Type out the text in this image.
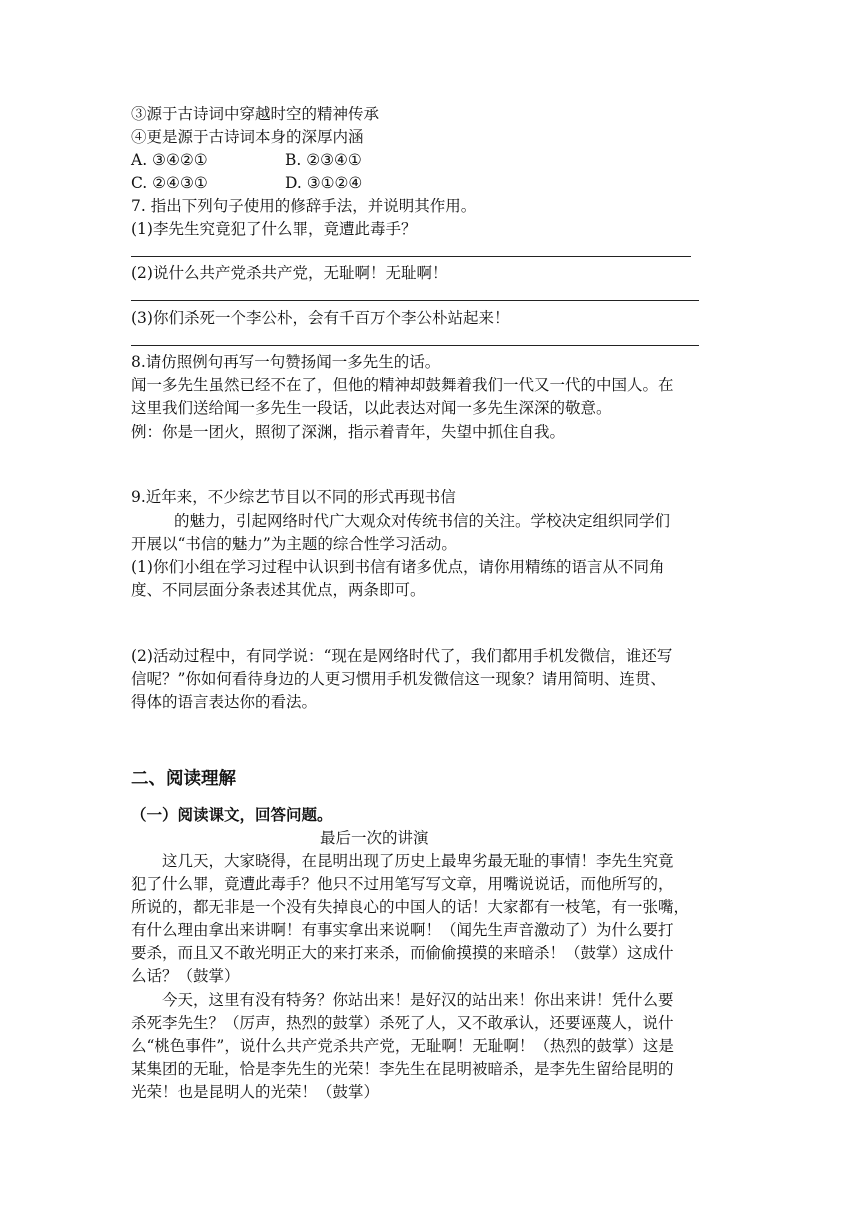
③源于古诗词中穿越时空的精神传承
④更是源于古诗词本身的深厚内涵
A. ③④②①	B. ②③④①
C. ②④③①	D. ③①②④
7. 指出下列句子使用的修辞手法，并说明其作用。
(1)李先生究竟犯了什么罪，竟遭此毒手？
(2)说什么共产党杀共产党，无耻啊！无耻啊！
(3)你们杀死一个李公朴，会有千百万个李公朴站起来！
8.请仿照例句再写一句赞扬闻一多先生的话。
闻一多先生虽然已经不在了，但他的精神却鼓舞着我们一代又一代的中国人。在
这里我们送给闻一多先生一段话，以此表达对闻一多先生深深的敬意。
例：你是一团火，照彻了深渊，指示着青年，失望中抓住自我。
9.近年来，不少综艺节目以不同的形式再现书信
的魅力，引起网络时代广大观众对传统书信的关注。学校决定组织同学们
开展以“书信的魅力”为主题的综合性学习活动。
(1)你们小组在学习过程中认识到书信有诸多优点，请你用精练的语言从不同角
度、不同层面分条表述其优点，两条即可。
(2)活动过程中，有同学说：“现在是网络时代了，我们都用手机发微信，谁还写
信呢？”你如何看待身边的人更习惯用手机发微信这一现象？请用简明、连贯、
得体的语言表达你的看法。
二、阅读理解
（一）阅读课文，回答问题。
最后一次的讲演
这几天，大家晓得，在昆明出现了历史上最卑劣最无耻的事情！李先生究竟
犯了什么罪，竟遭此毒手？他只不过用笔写写文章，用嘴说说话，而他所写的，
所说的，都无非是一个没有失掉良心的中国人的话！大家都有一枝笔，有一张嘴，
有什么理由拿出来讲啊！有事实拿出来说啊！（闻先生声音激动了）为什么要打
要杀，而且又不敢光明正大的来打来杀，而偷偷摸摸的来暗杀！（鼓掌）这成什
么话？（鼓掌）
今天，这里有没有特务？你站出来！是好汉的站出来！你出来讲！凭什么要
杀死李先生？（厉声，热烈的鼓掌）杀死了人，又不敢承认，还要诬蔑人，说什
么“桃色事件”，说什么共产党杀共产党，无耻啊！无耻啊！（热烈的鼓掌）这是
某集团的无耻，恰是李先生的光荣！李先生在昆明被暗杀，是李先生留给昆明的
光荣！也是昆明人的光荣！（鼓掌）
